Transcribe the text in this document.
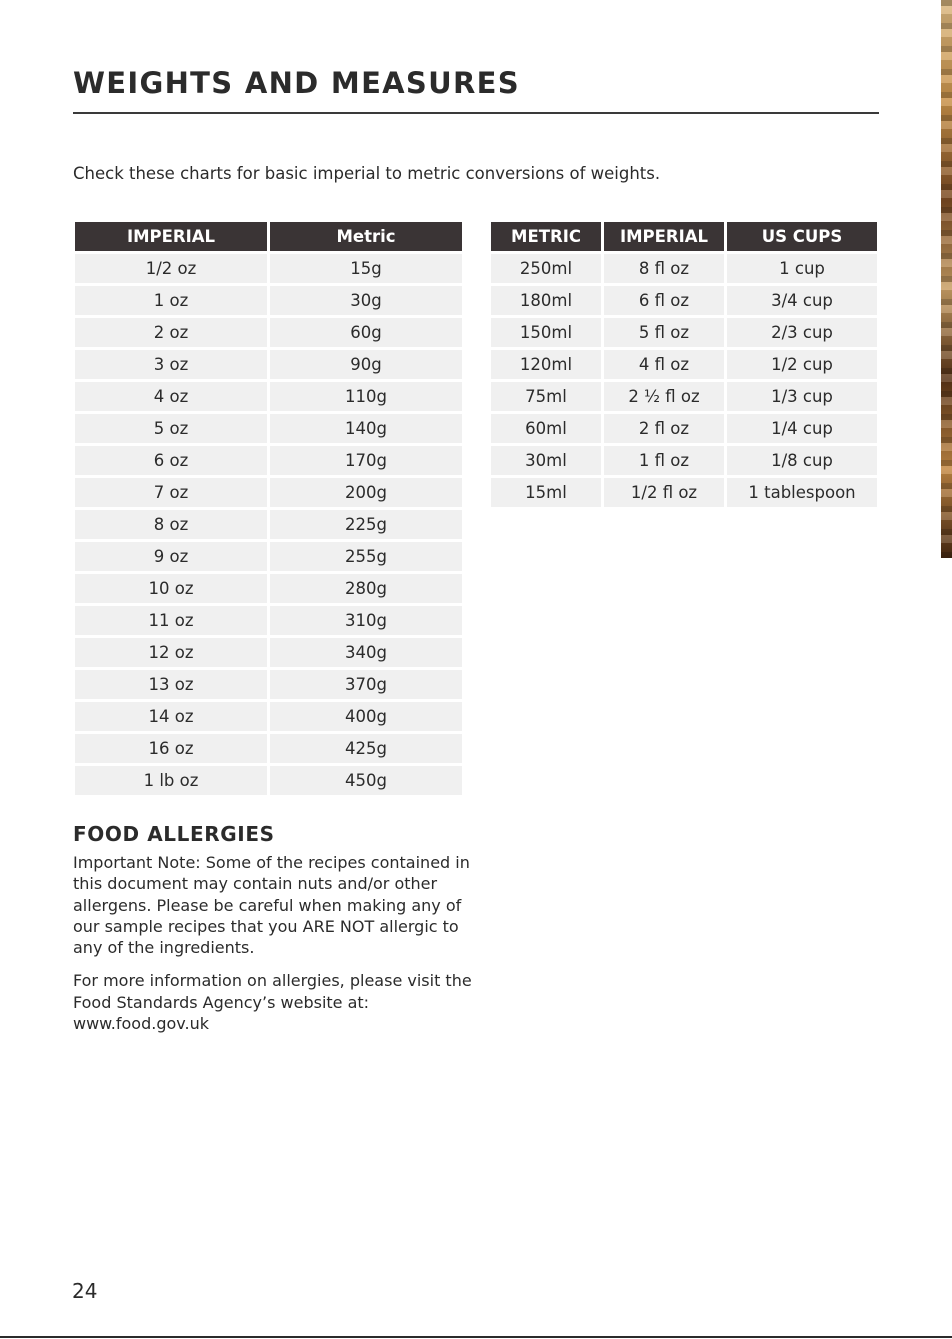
WEIGHTS AND MEASURES

Check these charts for basic imperial to metric conversions of weights.

IMPERIAL	Metric
1/2 oz	15g
1 oz	30g
2 oz	60g
3 oz	90g
4 oz	110g
5 oz	140g
6 oz	170g
7 oz	200g
8 oz	225g
9 oz	255g
10 oz	280g
11 oz	310g
12 oz	340g
13 oz	370g
14 oz	400g
16 oz	425g
1 lb oz	450g
METRIC	IMPERIAL	US CUPS
250ml	8 fl oz	1 cup
180ml	6 fl oz	3/4 cup
150ml	5 fl oz	2/3 cup
120ml	4 fl oz	1/2 cup
75ml	2 ½ fl oz	1/3 cup
60ml	2 fl oz	1/4 cup
30ml	1 fl oz	1/8 cup
15ml	1/2 fl oz	1 tablespoon
FOOD ALLERGIES

Important Note: Some of the recipes contained in this document may contain nuts and/or other allergens. Please be careful when making any of our sample recipes that you ARE NOT allergic to any of the ingredients.

For more information on allergies, please visit the Food Standards Agency’s website at: www.food.gov.uk

24
